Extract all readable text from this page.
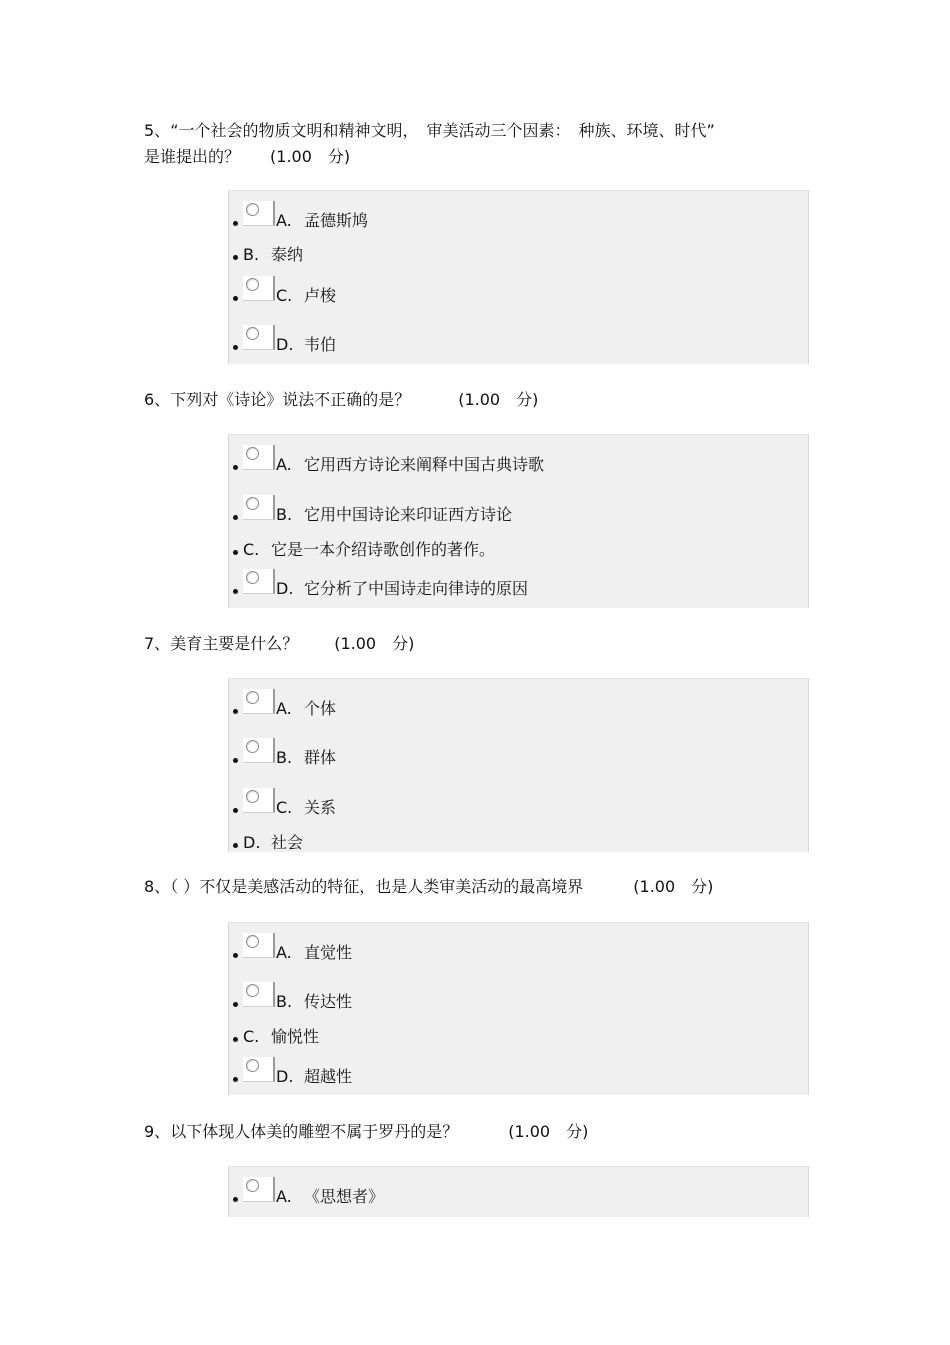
5、“一个社会的物质文明和精神文明，　审美活动三个因素：　种族、环境、时代”
是谁提出的？ (1.00　分)

A. 孟德斯鸠
B. 泰纳
C. 卢梭
D. 韦伯

6、下列对《诗论》说法不正确的是？	(1.00　分)

A. 它用西方诗论来阐释中国古典诗歌
B. 它用中国诗论来印证西方诗论
C. 它是一本介绍诗歌创作的著作。
D. 它分析了中国诗走向律诗的原因

7、美育主要是什么？ (1.00　分)

A. 个体
B. 群体
C. 关系
D. 社会

8、（ ）不仅是美感活动的特征，也是人类审美活动的最高境界	(1.00　分)

A. 直觉性
B. 传达性
C. 愉悦性
D. 超越性

9、以下体现人体美的雕塑不属于罗丹的是？	(1.00　分)

A. 《思想者》
